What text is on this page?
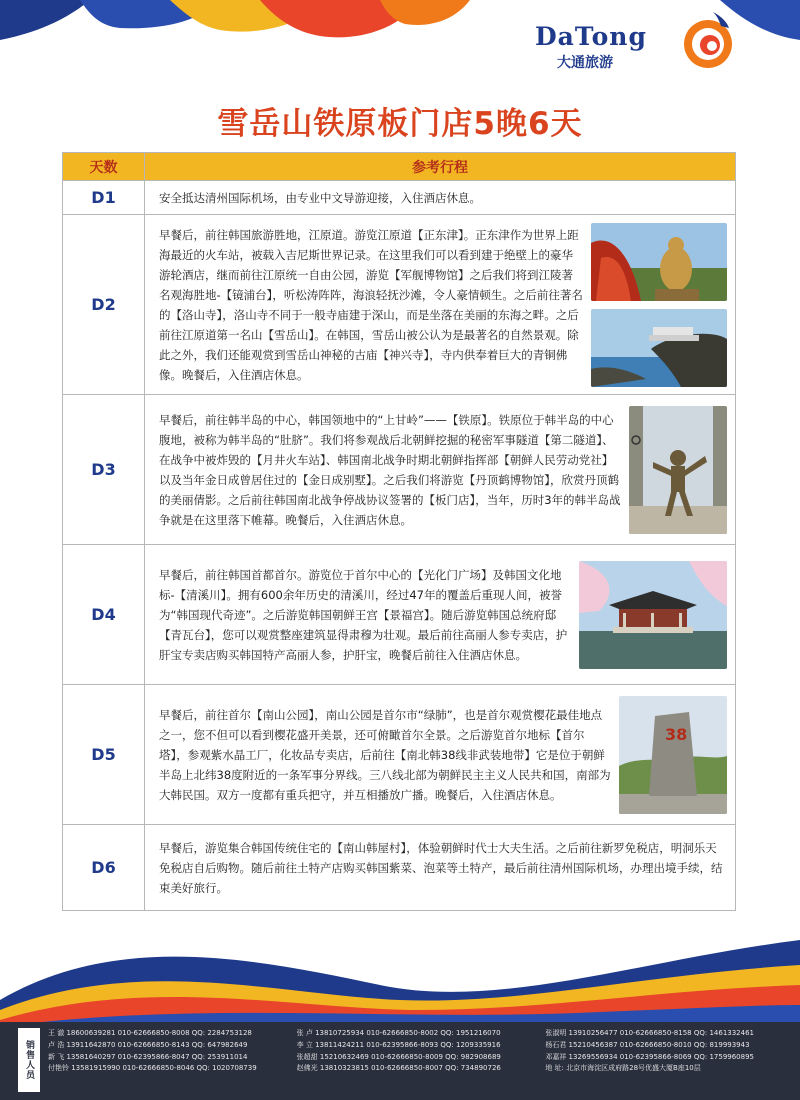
DaTong
大通旅游
雪岳山铁原板门店5晚6天
天数	参考行程
D1	安全抵达清州国际机场，由专业中文导游迎接，入住酒店休息。
D2	早餐后，前往韩国旅游胜地，江原道。游览江原道【正东津】。正东津作为世界上距海最近的火车站，被载入吉尼斯世界记录。在这里我们可以看到建于绝壁上的豪华游轮酒店，继而前往江原统一自由公园，游览【军舰博物馆】之后我们将到江陵著名观海胜地-【镜浦台】，听松涛阵阵，海浪轻抚沙滩，令人豪情顿生。之后前往著名的【洛山寺】，洛山寺不同于一般寺庙建于深山，而是坐落在美丽的东海之畔。之后前往江原道第一名山【雪岳山】。在韩国，雪岳山被公认为是最著名的自然景观。除此之外，我们还能观赏到雪岳山神秘的古庙【神兴寺】，寺内供奉着巨大的青铜佛像。晚餐后，入住酒店休息。

D3	早餐后，前往韩半岛的中心，韩国领地中的“上甘岭”——【铁原】。铁原位于韩半岛的中心腹地，被称为韩半岛的“肚脐”。我们将参观战后北朝鲜挖掘的秘密军事隧道【第二隧道】、在战争中被炸毁的【月井火车站】、韩国南北战争时期北朝鲜指挥部【朝鲜人民劳动党社】以及当年金日成曾居住过的【金日成别墅】。之后我们将游览【丹顶鹤博物馆】，欣赏丹顶鹤的美丽倩影。之后前往韩国南北战争停战协议签署的【板门店】，当年，历时3年的韩半岛战争就是在这里落下帷幕。晚餐后，入住酒店休息。

D4	早餐后，前往韩国首都首尔。游览位于首尔中心的【光化门广场】及韩国文化地标-【清溪川】。拥有600余年历史的清溪川，经过47年的覆盖后重现人间，被誉为“韩国现代奇迹”。之后游览韩国朝鲜王宫【景福宫】。随后游览韩国总统府邸【青瓦台】，您可以观赏整座建筑显得肃穆为壮观。最后前往高丽人参专卖店，护肝宝专卖店购买韩国特产高丽人参，护肝宝，晚餐后前往入住酒店休息。

D5	早餐后，前往首尔【南山公园】，南山公园是首尔市“绿肺”，也是首尔观赏樱花最佳地点之一，您不但可以看到樱花盛开美景，还可俯瞰首尔全景。之后游览首尔地标【首尔塔】，参观紫水晶工厂，化妆品专卖店，后前往【南北韩38线非武装地带】它是位于朝鲜半岛上北纬38度附近的一条军事分界线。三八线北部为朝鲜民主主义人民共和国，南部为大韩民国。双方一度都有重兵把守，并互相播放广播。晚餐后，入住酒店休息。
38

D6	早餐后，游览集合韩国传统住宅的【南山韩屋村】，体验朝鲜时代士大夫生活。之后前往新罗免税店，明洞乐天免税店自后购物。随后前往土特产店购买韩国紫菜、泡菜等土特产，最后前往清州国际机场，办理出境手续，结束美好旅行。
销售人员
王 澈 18600639281 010-62666850-8008 QQ: 2284753128	张 卢 13810725934 010-62666850-8002 QQ: 1951216070	张淑明 13910256477 010-62666850-8158 QQ: 1461332461
卢 浩 13911642870 010-62666850-8143 QQ: 647982649	李 立 13811424211 010-62395866-8093 QQ: 1209335916	杨石君 15210456387 010-62666850-8010 QQ: 819993943
新 飞 13581640297 010-62395866-8047 QQ: 253911014	张超甜 15210632469 010-62666850-8009 QQ: 982908689	邓嘉祥 13269556934 010-62395866-8069 QQ: 1759960895
付艳铃 13581915990 010-62666850-8046 QQ: 1020708739	赵佛光 13810323815 010-62666850-8007 QQ: 734890726	地 址: 北京市海淀区成府路28号优盛大厦B座10层
